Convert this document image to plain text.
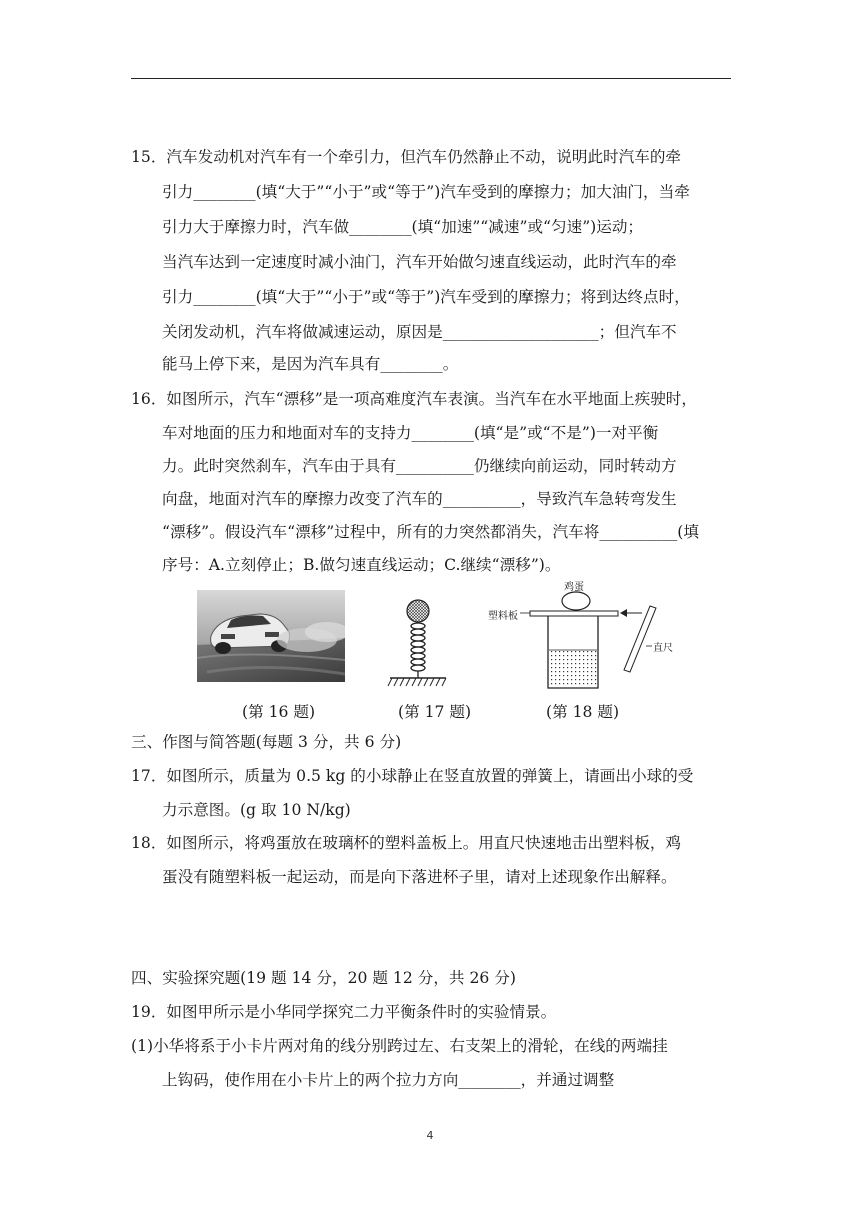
15．汽车发动机对汽车有一个牵引力，但汽车仍然静止不动，说明此时汽车的牵
引力________(填“大于”“小于”或“等于”)汽车受到的摩擦力；加大油门，当牵
引力大于摩擦力时，汽车做________(填“加速”“减速”或“匀速”)运动；
当汽车达到一定速度时减小油门，汽车开始做匀速直线运动，此时汽车的牵
引力________(填“大于”“小于”或“等于”)汽车受到的摩擦力；将到达终点时，
关闭发动机，汽车将做减速运动，原因是____________________；但汽车不
能马上停下来，是因为汽车具有________。
16．如图所示，汽车“漂移”是一项高难度汽车表演。当汽车在水平地面上疾驶时，
车对地面的压力和地面对车的支持力________(填“是”或“不是”)一对平衡
力。此时突然刹车，汽车由于具有__________仍继续向前运动，同时转动方
向盘，地面对汽车的摩擦力改变了汽车的__________，导致汽车急转弯发生
“漂移”。假设汽车“漂移”过程中，所有的力突然都消失，汽车将__________(填
序号：A.立刻停止；B.做匀速直线运动；C.继续“漂移”)。
鸡蛋
塑料板
直尺
(第 16 题)	(第 17 题)	(第 18 题)
三、作图与简答题(每题 3 分，共 6 分)
17．如图所示，质量为 0.5 kg 的小球静止在竖直放置的弹簧上，请画出小球的受
力示意图。(g 取 10 N/kg)
18．如图所示，将鸡蛋放在玻璃杯的塑料盖板上。用直尺快速地击出塑料板，鸡
蛋没有随塑料板一起运动，而是向下落进杯子里，请对上述现象作出解释。
四、实验探究题(19 题 14 分，20 题 12 分，共 26 分)
19．如图甲所示是小华同学探究二力平衡条件时的实验情景。
(1)小华将系于小卡片两对角的线分别跨过左、右支架上的滑轮，在线的两端挂
上钩码，使作用在小卡片上的两个拉力方向________，并通过调整
4
